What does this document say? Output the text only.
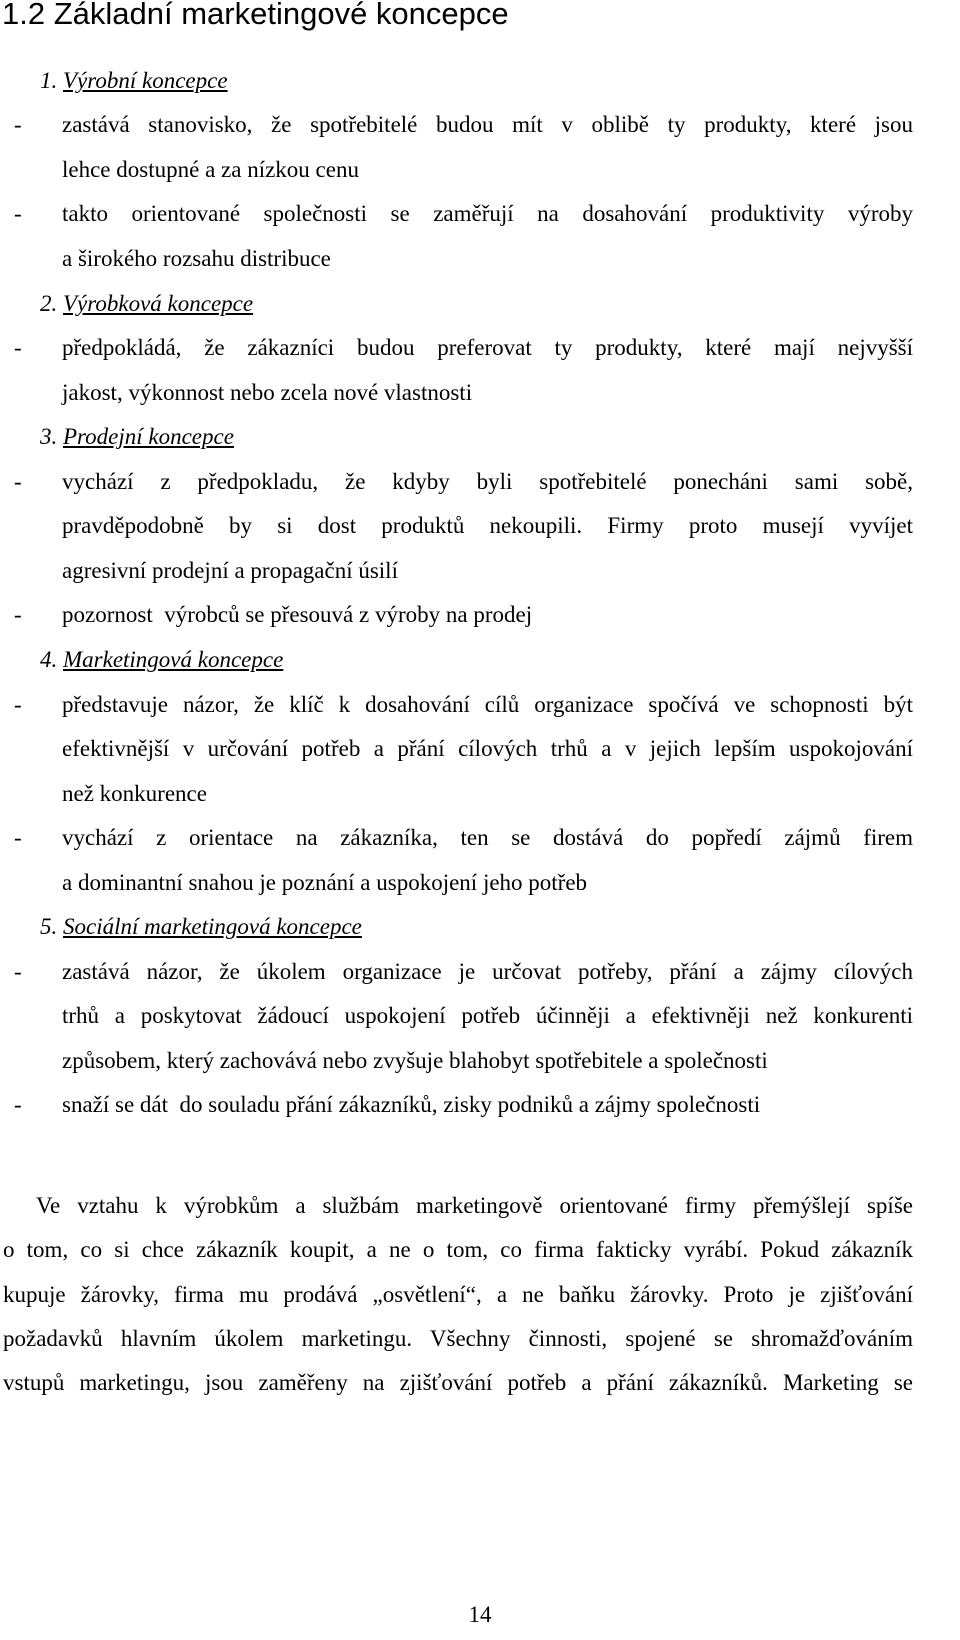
1.2 Základní marketingové koncepce
1. Výrobní koncepce
- zastává stanovisko, že spotřebitelé budou mít v oblibě ty produkty, které jsou
lehce dostupné a za nízkou cenu
- takto orientované společnosti se zaměřují na dosahování produktivity výroby
a širokého rozsahu distribuce
2. Výrobková koncepce
- předpokládá, že zákazníci budou preferovat ty produkty, které mají nejvyšší
jakost, výkonnost nebo zcela nové vlastnosti
3. Prodejní koncepce
- vychází z předpokladu, že kdyby byli spotřebitelé ponecháni sami sobě,
pravděpodobně by si dost produktů nekoupili. Firmy proto musejí vyvíjet
agresivní prodejní a propagační úsilí
- pozornost  výrobců se přesouvá z výroby na prodej
4. Marketingová koncepce
- představuje názor, že klíč k dosahování cílů organizace spočívá ve schopnosti být
efektivnější v určování potřeb a přání cílových trhů a v jejich lepším uspokojování
než konkurence
- vychází z orientace na zákazníka, ten se dostává do popředí zájmů firem
a dominantní snahou je poznání a uspokojení jeho potřeb
5. Sociální marketingová koncepce
- zastává názor, že úkolem organizace je určovat potřeby, přání a zájmy cílových
trhů a poskytovat žádoucí uspokojení potřeb účinněji a efektivněji než konkurenti
způsobem, který zachovává nebo zvyšuje blahobyt spotřebitele a společnosti
- snaží se dát  do souladu přání zákazníků, zisky podniků a zájmy společnosti
Ve vztahu k výrobkům a službám marketingově orientované firmy přemýšlejí spíše
o tom, co si chce zákazník koupit, a ne o tom, co firma fakticky vyrábí. Pokud zákazník
kupuje žárovky, firma mu prodává „osvětlení“, a ne baňku žárovky. Proto je zjišťování
požadavků hlavním úkolem marketingu. Všechny činnosti, spojené se shromažďováním
vstupů marketingu, jsou zaměřeny na zjišťování potřeb a přání zákazníků. Marketing se
14
